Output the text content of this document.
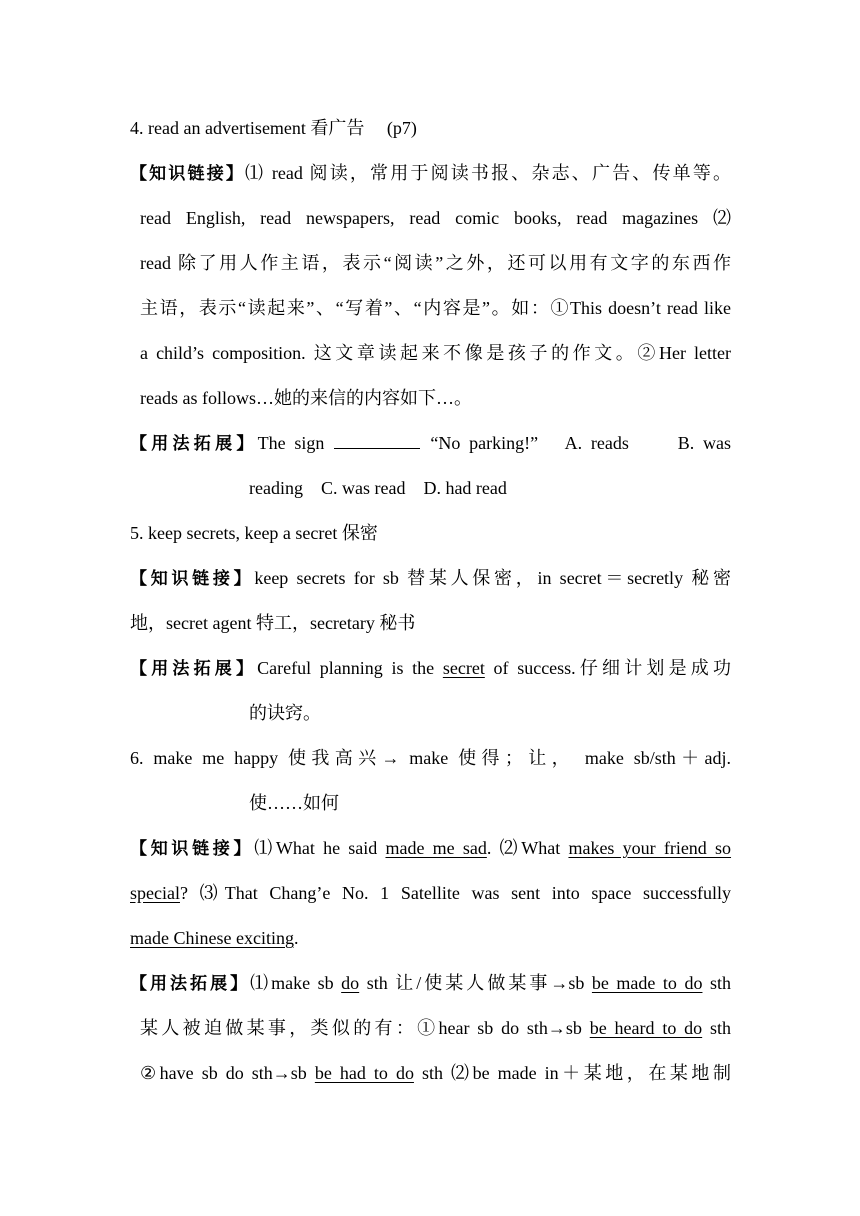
4. read an advertisement 看广告　 (p7)
【知识链接】⑴ read 阅读，常用于阅读书报、杂志、广告、传单等。
read English, read newspapers, read comic books, read magazines ⑵
read 除了用人作主语，表示“阅读”之外，还可以用有文字的东西作
主语，表示“读起来”、“写着”、“内容是”。如：①This doesn’t read like
a child’s composition. 这文章读起来不像是孩子的作文。②Her letter
reads as follows…她的来信的内容如下…。
【用法拓展】The sign	“No parking!”　A. reads　　B. was
reading　C. was read　D. had read
5. keep secrets, keep a secret 保密
【知识链接】keep secrets for sb 替某人保密，in secret＝secretly 秘密
地，secret agent 特工，secretary 秘书
【用法拓展】Careful planning is the secret of success.仔细计划是成功
的诀窍。
6. make me happy 使我高兴→ make 使得；让， make sb/sth＋adj.
使……如何
【知识链接】⑴What he said made me sad. ⑵What makes your friend so
special? ⑶That Chang’e No. 1 Satellite was sent into space successfully
made Chinese exciting.
【用法拓展】⑴make sb do sth 让/使某人做某事→sb be made to do sth
某人被迫做某事，类似的有：①hear sb do sth→sb be heard to do sth
②have sb do sth→sb be had to do sth ⑵be made in＋某地，在某地制
